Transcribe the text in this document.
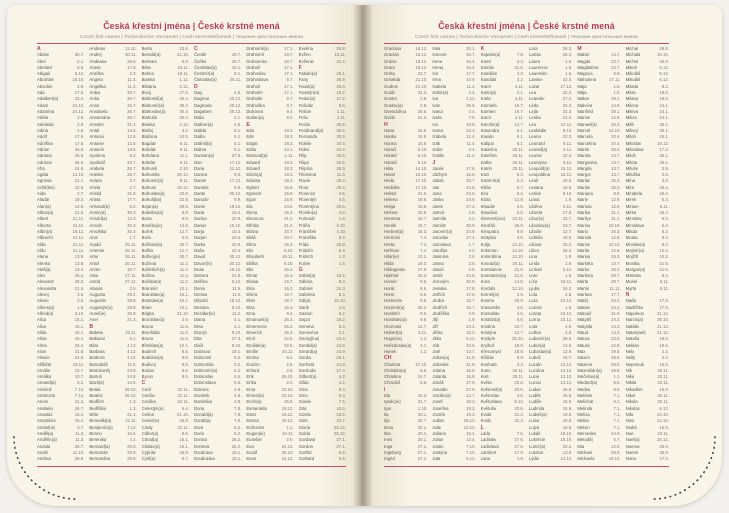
Česká křestní jména | České krstné mená
Czech first names | Tschechische Vornamen | Cseh keresztelőnevek | Чешские крестильные имена
A
Abdon	30.7.
Ábel	2.1.
Abelard	5.6.
Abigail	5.12.
Abrahám	16.10.
Absolon	2.9.
Ada	17.6.
Adalbert(a)	23.4.
Adam	24.12.
Adamína	24.12.
Adéla	2.9.
Adelaida	2.9.
Adina	2.9.
Adolf	17.6.
Adolfína	17.6.
Adrian	26.6.
Adriana	26.6.
Adriena	26.6.
Afra	24.5.
Agáta	14.10.
Agnesa	21.1.
Achil(les)	12.5.
Aida	2.7.
Aladár	18.2.
Alan(a)	14.8.
Alban(a)	21.6.
Albert	21.11.
Alberta	21.11.
Albín(a)	16.12.
Albrecht	21.11.
Alda	21.11.
Aldo	21.11.
Alena	13.8.
Alenka	13.8.
Aleš(a)	13.4.
Alex	26.2.
Alexandr	26.2.
Alexandra	21.4.
Alexej	3.5.
Alexie	3.5.
Alfons(a)	1.8.
Alfréd(a)	3.10.
Alica	15.1.
Alice	15.1.
Alida	15.1.
Alina	15.1.
Alma	24.4.
Alois	21.6.
Aloisie	21.6.
Alžběta	19.11.
Amálie	10.7.
Amálka	10.7.
Amand(a)	6.2.
Ambrož	7.12.
Ambrozie	7.12.
Amos	31.3.
Anabela	26.7.
Anastáz	15.4.
Anastázie	15.4.
Anatol(ie)	3.7.
Anděl(a)	11.3.
Andělín(a)	11.3.
Andula	26.7.
André	11.10.
Andrea	26.9.
Andreas	11.10.
Andrej	30.11.
Andriana	26.6.
Aneta	17.5.
Anežka	2.3.
Angela	11.3.
Angelika	11.3.
Anika	26.7.
Anita	26.7.
Anna	26.7.
Annabela	26.7.
Annamária	26.7.
Anselm	21.4.
Antal	13.6.
Antonia	12.6.
Antonie	12.6.
Antonín	13.6.
Apolena	9.2.
Apolinář	23.7.
Arabela	26.7.
Aranka	26.7.
Ariana	2.7.
Ariela	2.7.
Aristid	31.8.
Arleta	17.7.
Armand(a)	6.2.
Armin(a)	30.3.
Arnold(a)	14.3.
Arnošt	30.3.
Arnoštka	30.3.
Aron	1.7.
Arpád	25.11.
Artemie	26.11.
Artur	26.11.
Artuš	26.11.
Arzen	19.7.
Asta	27.11.
Astrid	27.11.
Atanas	2.5.
Augusta	29.4.
Augustin	28.8.
Augustýn(a)	28.8.
Aurel(ie)	25.9.
Axel	21.3.
B
Babeta	19.11.
Baltazar	6.1.
Bára	4.12.
Barbara	4.12.
Barbora	4.12.
Barnabáš	11.6.
Bartoloměj	24.8.
Bartoš	24.8.
Bazil(a)	14.6.
Beáta	25.10.
Beatrix	25.10.
Bedřich	1.3.
Bedřiška	1.3.
Běla	21.1.
Benedikt(a)	12.11.
Benjamín(a)	7.12.
Benno	16.6.
Berenika	4.2.
Bernard(a)	20.8.
Bernardin	20.5.
Bernardina	20.5.
Berta	23.9.
Bertold(a)	21.10.
Bertram	6.9.
Běta	19.11.
Betina	19.11.
Bianka	1.12.
Bibiana	2.12.
Bivoj	27.5.
Blahomil(a)	30.4.
Blahomír(a)	30.4.
Blahoslav(a)	30.4.
Blahuše	30.4.
Blanka	2.12.
Blažej	3.2.
Blažena	10.5.
Bogdan	9.11.
Bohdan	9.11.
Bohdana	11.1.
Bohdar	9.11.
Bohumil	3.10.
Bohumila	28.12.
Bohumír(a)	8.11.
Bohuna	28.12.
Bohuslav(a)	22.8.
Bohuš(ka)	22.8.
Bojan(a)	28.5.
Boleslav(a)	6.9.
Bona	6.9.
Bonifác(ie)	14.5.
Bořek	12.7.
Boris	5.9.
Bořislav(a)	30.7.
Bořita	12.7.
Bořivoj(e)	30.7.
Božena	11.2.
Božetěch(a)	11.2.
Božica	11.2.
Božidar(a)	11.2.
Branimír	10.1.
Branislav(a)	10.1.
Bratislav(a)	10.1.
Brian	10.1.
Brigita	21.10.
Bronislav(a)	3.9.
Bruna	11.6.
Brunhilda	11.6.
Bruno	11.6.
Břetislav(a)	10.1.
Budimír	9.5.
Budislav(a)	9.5.
Budivoj	9.5.
Burian	9.5.
Byron	9.5.
C
Cecil	22.11.
Cecílie	22.11.
Cecilka	22.11.
Celestýn(a)	6.4.
Celina	21.10.
Cesar(ie)	26.8.
Cindy	22.11.
Ctibor(a)	9.5.
Ctirad(a)	16.1.
Ctislav(a)	16.1.
Cyprián	26.9.
Cyril(a)	5.7.
Č
Čeněk	19.7.
Čeňka	19.7.
Čestislav(a)	16.1.
Čestmír(a)	8.1.
Čistoslav(a)	25.11.
D
Dag	4.6.
Dagmar	20.12.
Dagmara	20.12.
Dagobert	20.12.
Dalia	5.1.
Dalibor(a)	4.6.
Dalida	5.1.
Dalila	5.1.
Dalimil(a)	5.1.
Dalma	5.1.
Damián(a)	27.9.
Dan	17.12.
Dana	11.12.
Danica	9.9.
Daniel	17.12.
Daniela	9.9.
Dante	30.12.
Danuše	9.9.
Darek	19.12.
Daria	10.4.
Darina	22.9.
Darius	19.12.
Darja	10.4.
Darjan	10.4.
Darka	22.9.
Daša	10.4.
David	30.12.
Davor(ín)	30.12.
Dean	19.12.
Debora	21.9.
Delfína	9.12.
Denis	11.9.
Denisa	11.9.
Děpold	19.12.
Desana	9.12.
Dezider(ie)	11.2.
Diana	4.1.
Dina	4.1.
Dionýz	9.10.
Dita	27.3.
Diviš	9.10.
Dobrava	19.1.
Dobromil	5.2.
Dobromila	5.2.
Dobromír(a)	5.2.
Dobroslav	5.6.
Dobroslava	5.6.
Dolores	4.8.
Dominik	4.8.
Dominika	4.8.
Dona	7.8.
Donald(a)	7.8.
Donát(a)	7.8.
Dora	6.2.
Doris	6.2.
Dorota	26.2.
Dorotea	26.2.
Doubrava	19.1.
Doubravka	19.1.
Drahomil(a)	17.1.
Drahomír	18.7.
Drahomíra	18.7.
Drahoň	17.1.
Drahoslav	17.1.
Drahoslava	9.7.
Drahoš	17.1.
Drahotín	17.1.
Drahuše	9.7.
Drahuška	9.7.
Dulcinea	9.4.
Dušan(a)	9.4.
E
Eda	18.3.
Ede	18.3.
Edgar	18.3.
Edita	13.1.
Edmund(a)	1.11.
Eduard	18.3.
Edvard	18.3.
Edvin(a)	18.3.
Edwina	18.3.
Egbert	15.9.
Egmont	15.9.
Egon	15.9.
Ela	24.6.
Elena	16.3.
Eleonora	21.2.
Elfrída	21.2.
Eliána	20.7.
Eliáš	20.7.
Elina	16.3.
Elis	5.10.
Elisabeth	19.11.
Eliška	5.10.
Ella	16.3.
Elmar	16.3.
Eloisa	16.7.
Elsa	16.3.
Elvíra	16.7.
Elvis	16.7.
Elza	16.3.
Ema	8.4.
Emanuel(a)	26.3.
Emerencie	26.3.
Emerich	26.3.
Emil	22.5.
Emilián(a)	22.5.
Emílie	24.11.
Emma	8.4.
Erazim	2.6.
Erhard	2.6.
Erik	26.10.
Erika	2.4.
Erna	23.10.
Ernest(a)	23.10.
Ervín(a)	25.5.
Esmeralda	19.12.
Ester	19.12.
Estera	19.12.
Eufrozina	1.1.
Eugen(ie)	10.11.
Eusebie	2.6.
Eva	24.12.
Evald	26.10.
Evan	24.12.
Evelína	29.8.
Evžen	10.11.
Evženie	22.4.
F
Fabián(a)	20.1.
Fany	26.9.
Faust(a)	26.9.
Faustýn(a)	15.2.
Fedor(a)	17.2.
Felicián	9.6.
Felicie	1.11.
Felix	1.11.
Ferda	30.5.
Ferdinand(a)	30.5.
Fernanda	30.5.
Fidelie	24.4.
Fides	24.4.
Filip	26.5.
Filipa	26.5.
Filipína	26.5.
Filoména	11.8.
Flavie	29.4.
Flora	29.4.
Florence	4.5.
Florentýn	4.5.
Florentýna	28.6.
Florián(a)	4.5.
Fortunát	1.6.
Fráňa	4.10.
František	4.10.
Františka	9.3.
Frída	26.8.
Fridolín	6.3.
Fridrich	1.3.
Fulvie	1.6.
G
Gabin(a)	19.2.
Gábina	8.3.
Gabriel	24.3.
Gabriela	8.3.
Gál(a)	16.10.
Garik	2.8.
Gaston	6.2.
Gejza	18.2.
Gemma	8.3.
Genovéva	3.1.
Georg(ína)	24.4.
Gerald(a)	24.9.
Gerard(a)	24.9.
Gerda	28.1.
Gerhard	24.9.
Gertruda	17.3.
Gilbert(a)	4.2.
Gilda	4.2.
Gina	8.3.
Gino	8.3.
Gisela	7.5.
Gita	10.6.
Gizela	18.2.
Gleb	24.7.
Gloria	25.12.
Golda	25.12.
Gordana	27.1.
Gordon	27.1.
Gotfrid	5.5.
Gothard	5.5.
Česká křestní jména | České krstné mená
Czech first names | Tschechische Vornamen | Cseh keresztelőnevek | Чешские крестильные имена
Graciána	18.12.
Gracián	18.12.
Grácie	18.12.
Grant	18.12.
Gréta	22.7.
Griselda	21.10.
Gudrun	21.10.
Guido	31.3.
Gunter	2.8.
Gustav(a)	2.8.
Gvendolína	28.5.
Gvido	31.3.
H
Hana	15.8.
Hanka	15.8.
Hanna	15.8.
Hanuš	6.10.
Harald	6.10.
Harold	6.10.
Háta	14.10.
Havel	16.10.
Heda	17.10.
Hedvika	17.10.
Hektor	21.6.
Helena	18.8.
Helga	18.8.
Helmut	18.8.
Henrieta	15.7.
Henrik	15.7.
Herbert(a)	16.3.
Hermína	7.4.
Herta	7.4.
Heřman	7.4.
Hilar(ie)	13.1.
Hilda	18.3.
Hildegarda	17.9.
Hjalmar	18.3.
Homér	9.6.
Horác	9.6.
Horst	9.6.
Hortenzie	9.6.
Horymír(a)	29.2.
Hostimír	9.6.
Hostislav(a)	9.6.
Hroznata	14.7.
Hubert(a)	3.11.
Hugo(na)	1.4.
Hvězdoslav(a)	4.1.
Hynek	1.2.
CH
Charlota	27.10.
Christián(a)	5.8.
Christina	24.7.
Chrudoš	5.8.
I
Ida	15.3.
Ignác(ie)	31.7.
Igor	1.10.
Ila	20.1.
Ilja	20.7.
Ilona	20.1.
Ilsa	20.1.
Ines	20.1.
Inga	27.1.
Ingeborg	27.1.
Ingrid	27.1.
Inka	20.1.
Inocenc	26.7.
Irena	16.4.
Irenej	16.4.
Iris	17.7.
Irma	10.9.
Isabela	11.4.
Isidor(a)	4.4.
Iva	1.12.
Ivan	25.6.
Ivana	4.4.
Iveta	7.6.
Ivo	19.5.
Ivona	23.3.
Izabela	11.4.
Izák	11.4.
Izidor	4.4.
Izolda	11.4.
J
Jacek	17.8.
Jáchym	16.8.
Jakub	25.7.
Jan	24.6.
Jana	24.5.
Janko	24.6.
Jarek	27.4.
Jarmil	2.6.
Jarmila	4.2.
Jarolím	30.9.
Jaromír(a)	24.9.
Jaroslav	27.4.
Jaroslava	1.7.
Jaruška	4.2.
Jasmína	2.6.
Jasna	2.6.
Jasoň	2.6.
Jeník	24.6.
Jeroným	30.9.
Jessika	17.8.
Jetřich	17.8.
Jindra	15.7.
Jindřich	15.7.
Jindřiška	4.9.
Jiljí	1.9.
Jiří	24.4.
Jiřina	15.2.
Jitka	5.12.
Jób	10.5.
Joel	13.7.
Johan(a)	21.8.
Johanka	21.8.
Jolana	15.9.
Jolanta	15.9.
Jonáš	27.9.
Jonatán	27.9.
Jordán(a)	13.7.
Josef	19.3.
Josefína	19.3.
Jozefa	19.3.
Judita	29.12.
Julie	10.12.
Juliana	16.2.
Julius	12.4.
Justin	7.10.
Justýna	7.10.
Juta	5.12.
K
Kajetán(a)	7.8.
Kamil	3.3.
Kamila	31.5.
Kamilián	3.3.
Kandida	3.2.
Karel	4.11.
Karin(a)	2.1.
Karla	4.11.
Karmela	16.7.
Karmen	16.7.
Karol	4.11.
Karolín(a)	14.7.
Kasandra	6.1.
Kasián	6.1.
Kašpar	6.1.
Katarína	25.11.
Kateřina	25.11.
Katka	25.11.
Katrin	25.11.
Kazi	5.3.
Kazimír(a)	5.3.
Kilián	8.7.
Kira	5.4.
Klára	12.8.
Klaudie	5.5.
Klaudius	5.5.
Klement(ina)	23.11.
Kleofáš	25.9.
Kleopatra	9.9.
Klotylda	3.6.
Kolja	13.10.
Koloman	13.10.
Kolombína	13.10.
Konrád(a)	26.11.
Konstancie	21.5.
Konstantin(a)	21.5.
Kora	14.5.
Kordula	22.10.
Kornel(ie)	2.9.
Kosma	26.9.
Krasomila	4.5.
Krasoslav	4.5.
Kristián(a)	5.8.
Kristina	24.7.
Kristýna	24.7.
Kryšpín	25.10.
Kryštof	18.9.
Křesomysl	18.9.
Křišťan	5.8.
Kunhuta	3.3.
Kuno	26.11.
Kurt	26.11.
Květa	20.6.
Květomil(a)	20.6.
Květoslav	4.5.
Květoslava	8.12.
Květuše	20.6.
Kvida	31.3.
Kvido	31.3.
L
Lada	7.8.
Ladislav	27.6.
Ladislava	27.6.
Lambert	17.9.
Lana	1.9.
Lara	26.3.
Larisa	26.3.
Laura	1.6.
Laurencie	1.6.
Laurentin	1.6.
Lavinie	22.3.
Lazar	17.12.
Lea	22.3.
Leander	27.2.
Léda	22.3.
Lejla	22.3.
Lenka	21.2.
Leo	10.11.
Leokádie	9.12.
Leona	22.3.
Leonard	6.11.
Leonid(a)	6.11.
Leonie	22.3.
Leontýna	6.11.
Leopold(a)	15.11.
Leopoldina	15.11.
Leoš	19.6.
Lesana	19.6.
Leticie	9.12.
Liana	1.9.
Liběna	6.11.
Liberát	17.8.
Libor(a)	23.7.
Liboslav(a)	23.7.
Libuše	10.7.
Lidmila	16.9.
Liliana	25.2.
Lilien	25.2.
Lina	1.9.
Linda	1.9.
Linhart	6.11.
Livie	1.9.
Líza	19.11.
Ljuba	16.2.
Lola	4.8.
Lora	10.12.
Lorenc	1.6.
Loreta	10.12.
Lorna	10.12.
Lota	4.8.
Lothar	4.8.
Lubomír(a)	28.6.
Lubor(a)	13.9.
Luboslav(a)	13.9.
Luboš	16.7.
Lucián	13.12.
Luciána	13.12.
Lucie	13.12.
Lucius	13.12.
Ludan	26.8.
Luděk	26.8.
Ludiše	16.9.
Ludmila	16.9.
Ludvík(a)	19.8.
Luisa	19.8.
Lujza	19.8.
Lukáš	18.10.
Lukrécie	18.10.
Lumír(a)	28.2.
Lutobor	13.9.
Lýdie	14.12.
M
Mabel	14.7.
Magda	22.7.
Magdaléna	22.7.
Magnus	6.9.
Mahulena	17.11.
Maja	1.5.
Mája	1.5.
Makar	19.1.
Malvína	14.9.
Manfréd	28.1.
Manon	12.9.
Manuel(a)	26.3.
Marcel	12.10.
Marcela	20.4.
Marcelína	20.4.
Marek	25.4.
Mareta	13.7.
Margareta	13.7.
Margita	13.7.
Margot	13.7.
Marian	25.3.
Marián	25.3.
Mariana	8.9.
Marie	12.9.
Marieta	12.9.
Marika	31.1.
Marilyn	31.1.
Marina	10.10.
Mario	25.3.
Mariola	12.9.
Marion	10.10.
Marita	12.9.
Marius	25.3.
Markéta	13.7.
Marko	25.4.
Marlena	29.7.
Marta	29.7.
Martin	11.11.
Martina	17.7.
Matěj	24.2.
Matias	24.2.
Matouš	21.9.
Matyáš	24.2.
Matylda	14.3.
Maud	14.3.
Maura	22.9.
Mauric	22.9.
Max	29.5.
Maxim	29.5.
Maxima	29.5.
Maxmilián(a)	29.5.
Mečislav(a)	1.1.
Medard(a)	8.6.
Medea	8.6.
Melánie	7.1.
Melichar	6.1.
Melinda	7.1.
Melisa	7.1.
Melita	7.1.
Melvin	7.1.
Mercedes	24.9.
Metoděj	5.7.
Mia	12.9.
Michael	29.9.
Michaela	19.10.
Michal	29.9.
Michala	19.10.
Michel	29.9.
Mikeš	6.12.
Mikoláš	6.12.
Mikuláš	6.12.
Milada	8.2.
Milan	18.6.
Milana	18.6.
Milena	24.1.
Mileva	24.1.
Milica	24.1.
Milík	25.1.
Milivoj	25.1.
Miloň	25.1.
Miloslav	18.12.
Miloslava	17.2.
Miloš	25.1.
Milota	25.1.
Miluše	3.8.
Miluška	3.8.
Mína	3.8.
Mira	26.4.
Mirabela	26.4.
Mirek	6.3.
Miriam	5.11.
Mirka	26.4.
Miroslav	6.3.
Miroslava	5.4.
Mlada	8.2.
Mnata	8.2.
Mnislav(a)	8.2.
Mojmír(a)	10.2.
Mojžíš	10.2.
Monika	21.5.
Morgan(a)	21.5.
Mstislav	8.2.
Muriel	5.11.
Myrta	5.11.
N
Naďa	17.9.
Naděžda	17.9.
Napoleon	21.12.
Narcis(a)	29.10.
Natálie	21.12.
Natan(ael)	21.12.
Nataša	18.5.
Neklan	18.5.
Nela	2.2.
Nelly	2.2.
Nepomuk	16.5.
Nik	20.11.
Nika	20.11.
Nikita	20.11.
Nikodém	15.9.
Nikol	20.11.
Nikola	20.11.
Nikolas	6.12.
Nila	24.10.
Nina	24.10.
Niobé	15.9.
Noe	10.11.
Noel(a)	25.12.
Noema	25.9.
Noemi	25.9.
Nona	17.3.
